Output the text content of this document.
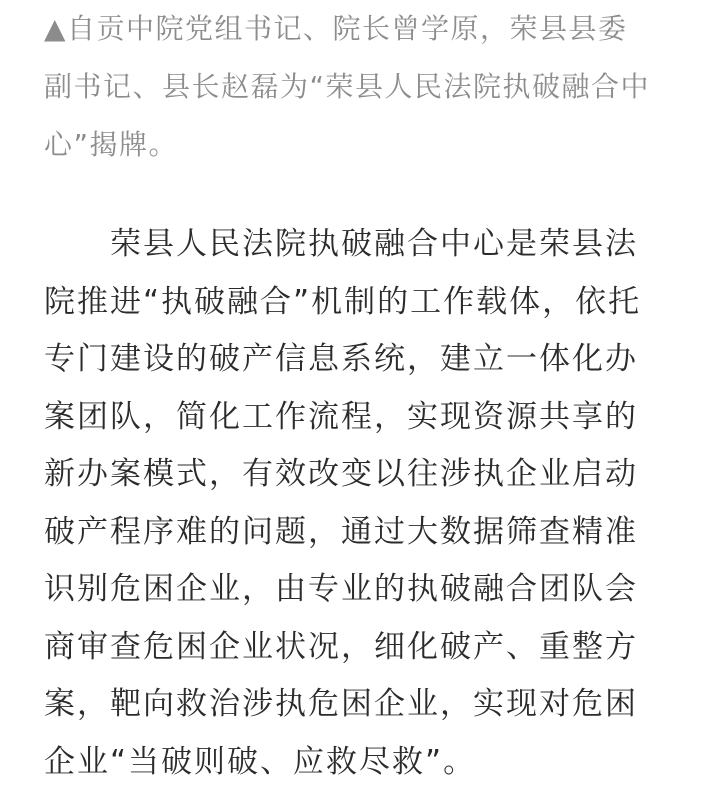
▲自贡中院党组书记、院长曾学原，荣县县委
副书记、县长赵磊为“荣县人民法院执破融合中
心”揭牌。
荣县人民法院执破融合中心是荣县法
院推进“执破融合”机制的工作载体，依托
专门建设的破产信息系统，建立一体化办
案团队，简化工作流程，实现资源共享的
新办案模式，有效改变以往涉执企业启动
破产程序难的问题，通过大数据筛查精准
识别危困企业，由专业的执破融合团队会
商审查危困企业状况，细化破产、重整方
案，靶向救治涉执危困企业，实现对危困
企业“当破则破、应救尽救”。
